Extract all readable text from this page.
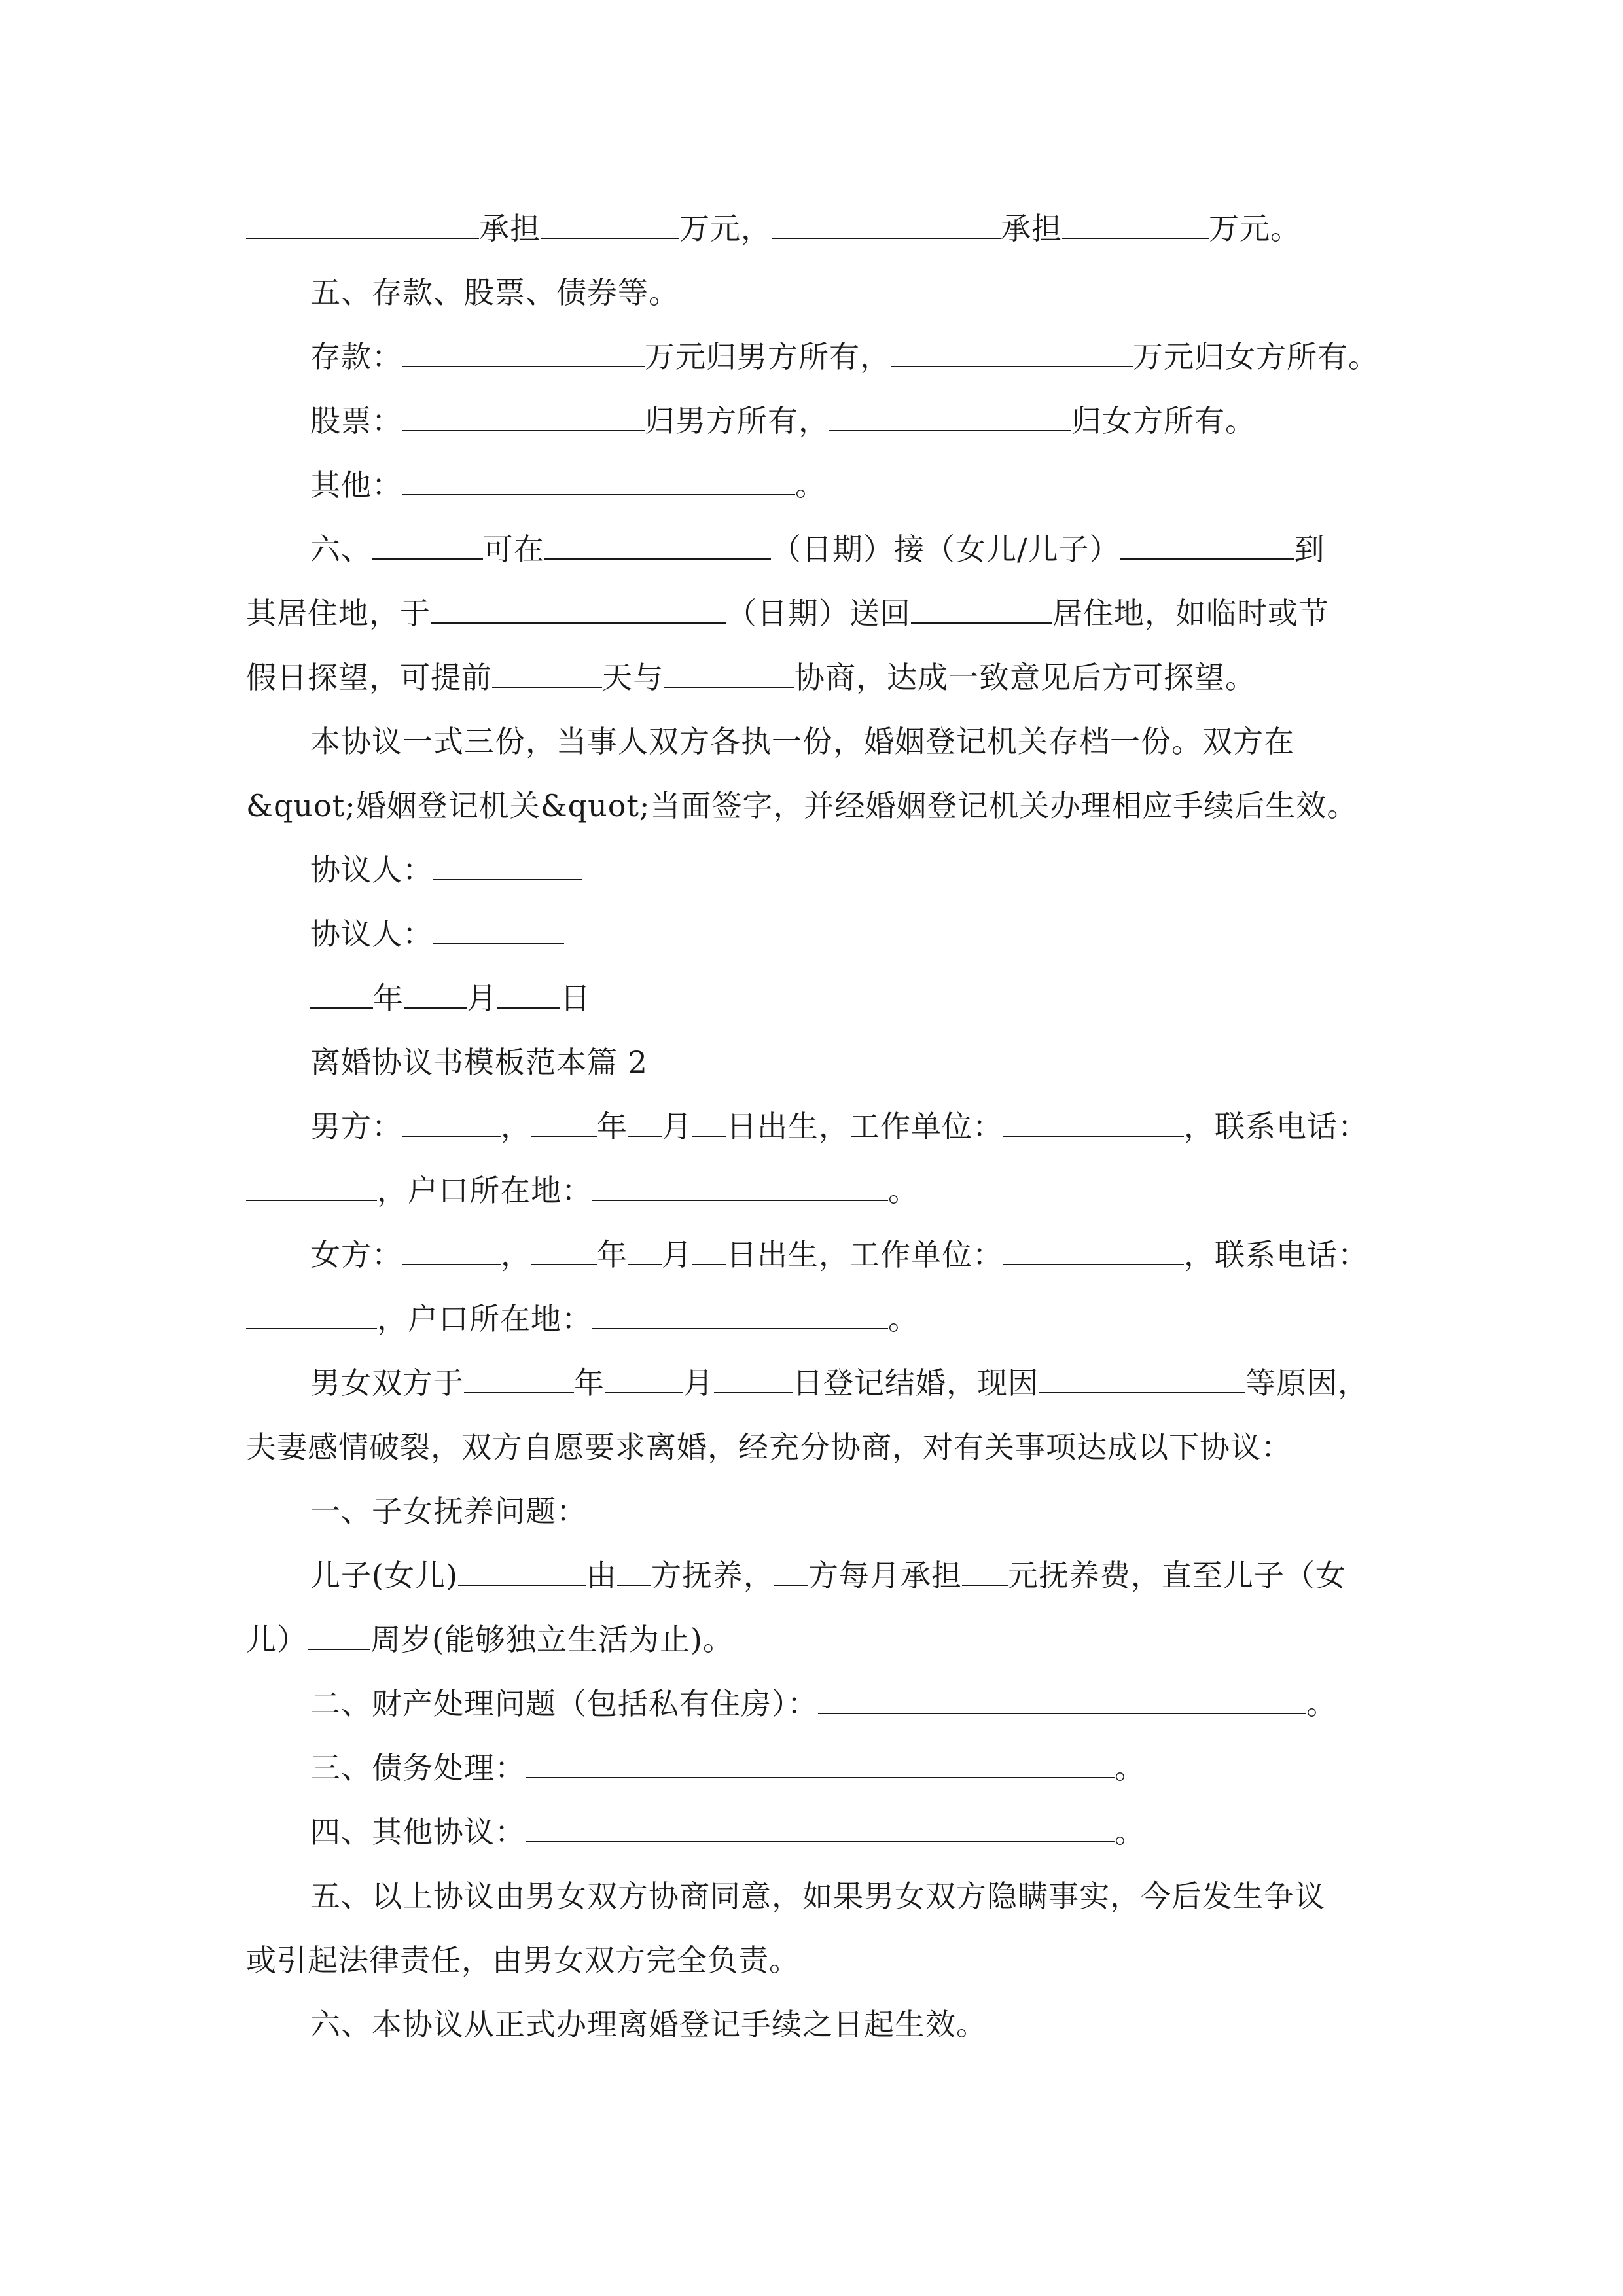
承担	万元，	承担	万元。
五、存款、股票、债券等。
存款：	万元归男方所有，	万元归女方所有。
股票：	归男方所有，	归女方所有。
其他：	。
六、	可在	（日期）接（女儿/儿子）	到
其居住地，于	（日期）送回	居住地，如临时或节
假日探望，可提前	天与	协商，达成一致意见后方可探望。
本协议一式三份，当事人双方各执一份，婚姻登记机关存档一份。双方在
&quot;婚姻登记机关&quot;当面签字，并经婚姻登记机关办理相应手续后生效。
协议人：
协议人：
年 月 日
离婚协议书模板范本篇 2
男方：	， 年 月 日出生，工作单位：	，联系电话：
，户口所在地：	。
女方：	， 年 月 日出生，工作单位：	，联系电话：
，户口所在地：	。
男女双方于	年	月	日登记结婚，现因	等原因，
夫妻感情破裂，双方自愿要求离婚，经充分协商，对有关事项达成以下协议：
一、子女抚养问题：
儿子(女儿)	由 方抚养， 方每月承担 元抚养费，直至儿子（女
儿） 周岁(能够独立生活为止)。
二、财产处理问题（包括私有住房）：	。
三、债务处理：	。
四、其他协议：	。
五、以上协议由男女双方协商同意，如果男女双方隐瞒事实，今后发生争议
或引起法律责任，由男女双方完全负责。
六、本协议从正式办理离婚登记手续之日起生效。
